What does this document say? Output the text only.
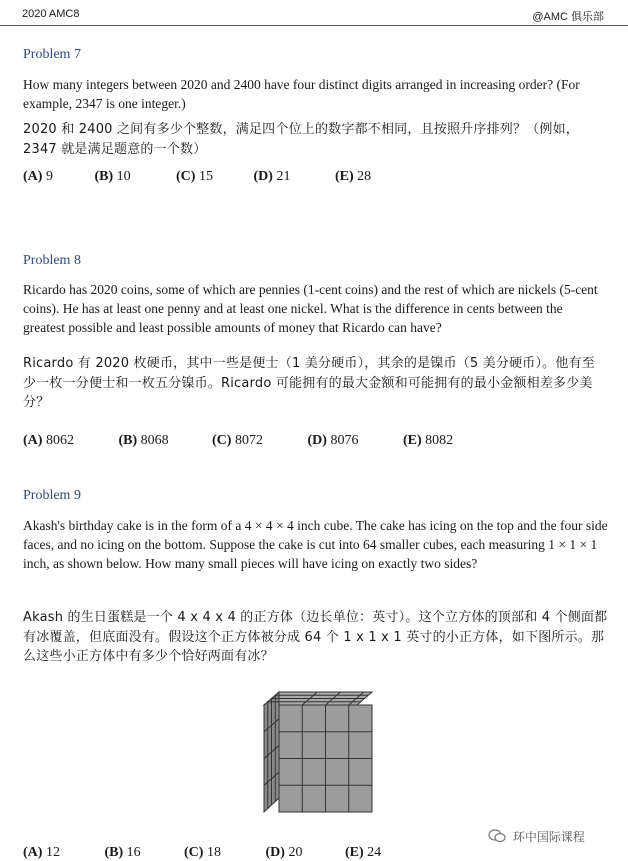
2020 AMC8	@AMC 俱乐部
Problem 7

How many integers between 2020 and 2400 have four distinct digits arranged in increasing order? (For example, 2347 is one integer.)

2020 和 2400 之间有多少个整数，满足四个位上的数字都不相同，且按照升序排列？（例如，2347 就是满足题意的一个数）

(A) 9	(B) 10	(C) 15	(D) 21	(E) 28
Problem 8

Ricardo has 2020 coins, some of which are pennies (1-cent coins) and the rest of which are nickels (5-cent coins). He has at least one penny and at least one nickel. What is the difference in cents between the greatest possible and least possible amounts of money that Ricardo can have?

Ricardo 有 2020 枚硬币，其中一些是便士（1 美分硬币），其余的是镍币（5 美分硬币）。他有至少一枚一分便士和一枚五分镍币。Ricardo 可能拥有的最大金额和可能拥有的最小金额相差多少美分？

(A) 8062	(B) 8068	(C) 8072	(D) 8076	(E) 8082
Problem 9

Akash's birthday cake is in the form of a 4 × 4 × 4 inch cube. The cake has icing on the top and the four side faces, and no icing on the bottom. Suppose the cake is cut into 64 smaller cubes, each measuring 1 × 1 × 1 inch, as shown below. How many small pieces will have icing on exactly two sides?

Akash 的生日蛋糕是一个 4 x 4 x 4 的正方体（边长单位：英寸）。这个立方体的顶部和 4 个侧面都有冰覆盖，但底面没有。假设这个正方体被分成 64 个 1 x 1 x 1 英寸的小正方体，如下图所示。那么这些小正方体中有多少个恰好两面有冰？

(A) 12	(B) 16	(C) 18	(D) 20	(E) 24
环中国际课程
